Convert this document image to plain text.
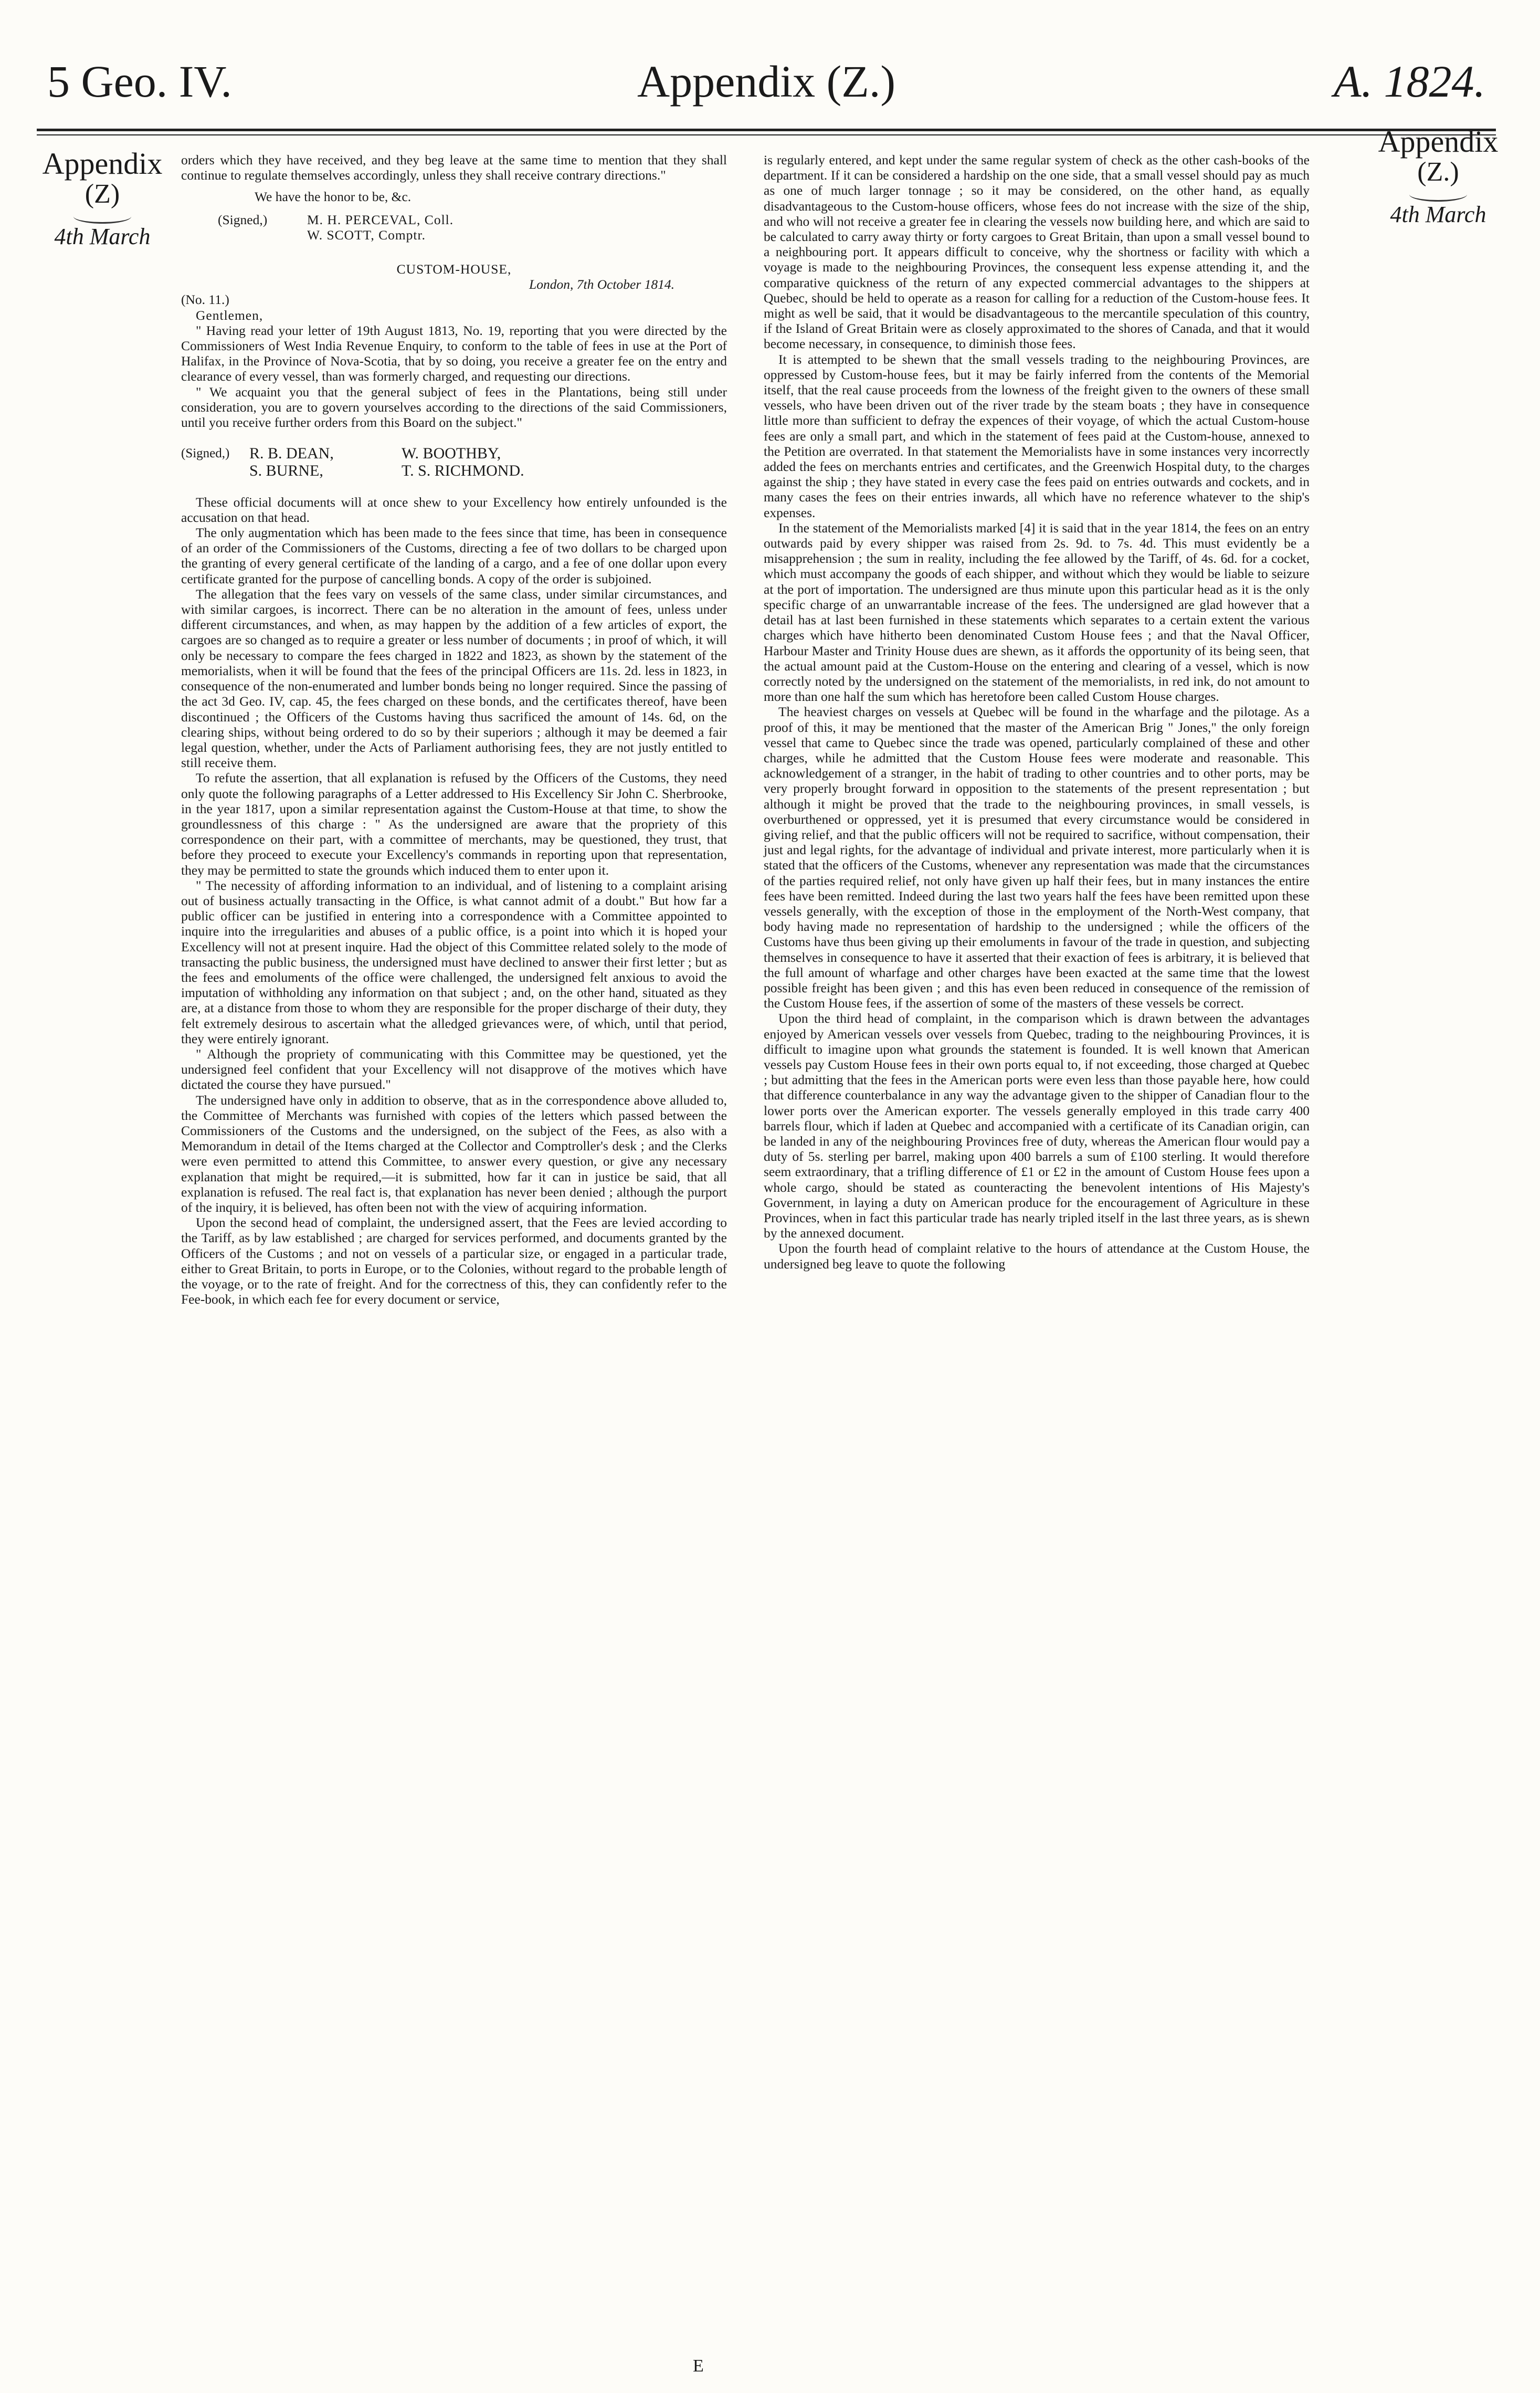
5 Geo. IV.	Appendix (Z.)	A. 1824.
Appendix
(Z)
4th March
Appendix
(Z.)
4th March

orders which they have received, and they beg leave at the same time to mention that they shall continue to regulate themselves accordingly, unless they shall receive contrary directions."

We have the honor to be, &c.

(Signed,)	M. H. PERCEVAL, Coll.
W. SCOTT, Comptr.

CUSTOM-HOUSE,

London, 7th October 1814.

(No. 11.)

Gentlemen,

" Having read your letter of 19th August 1813, No. 19, reporting that you were directed by the Commissioners of West India Revenue Enquiry, to conform to the table of fees in use at the Port of Halifax, in the Province of Nova-Scotia, that by so doing, you receive a greater fee on the entry and clearance of every vessel, than was formerly charged, and requesting our directions.

" We acquaint you that the general subject of fees in the Plantations, being still under consideration, you are to govern yourselves according to the directions of the said Commissioners, until you receive further orders from this Board on the subject."

(Signed,)	R. B. DEAN,	W. BOOTHBY,
S. BURNE,	T. S. RICHMOND.

These official documents will at once shew to your Excellency how entirely unfounded is the accusation on that head.

The only augmentation which has been made to the fees since that time, has been in consequence of an order of the Commissioners of the Customs, directing a fee of two dollars to be charged upon the granting of every general certificate of the landing of a cargo, and a fee of one dollar upon every certificate granted for the purpose of cancelling bonds. A copy of the order is subjoined.

The allegation that the fees vary on vessels of the same class, under similar circumstances, and with similar cargoes, is incorrect. There can be no alteration in the amount of fees, unless under different circumstances, and when, as may happen by the addition of a few articles of export, the cargoes are so changed as to require a greater or less number of documents ; in proof of which, it will only be necessary to compare the fees charged in 1822 and 1823, as shown by the statement of the memorialists, when it will be found that the fees of the principal Officers are 11s. 2d. less in 1823, in consequence of the non-enumerated and lumber bonds being no longer required. Since the passing of the act 3d Geo. IV, cap. 45, the fees charged on these bonds, and the certificates thereof, have been discontinued ; the Officers of the Customs having thus sacrificed the amount of 14s. 6d, on the clearing ships, without being ordered to do so by their superiors ; although it may be deemed a fair legal question, whether, under the Acts of Parliament authorising fees, they are not justly entitled to still receive them.

To refute the assertion, that all explanation is refused by the Officers of the Customs, they need only quote the following paragraphs of a Letter addressed to His Excellency Sir John C. Sherbrooke, in the year 1817, upon a similar representation against the Custom-House at that time, to show the groundlessness of this charge : " As the undersigned are aware that the propriety of this correspondence on their part, with a committee of merchants, may be questioned, they trust, that before they proceed to execute your Excellency's commands in reporting upon that representation, they may be permitted to state the grounds which induced them to enter upon it.

" The necessity of affording information to an individual, and of listening to a complaint arising out of business actually transacting in the Office, is what cannot admit of a doubt." But how far a public officer can be justified in entering into a correspondence with a Committee appointed to inquire into the irregularities and abuses of a public office, is a point into which it is hoped your Excellency will not at present inquire. Had the object of this Committee related solely to the mode of transacting the public business, the undersigned must have declined to answer their first letter ; but as the fees and emoluments of the office were challenged, the undersigned felt anxious to avoid the imputation of withholding any information on that subject ; and, on the other hand, situated as they are, at a distance from those to whom they are responsible for the proper discharge of their duty, they felt extremely desirous to ascertain what the alledged grievances were, of which, until that period, they were entirely ignorant.

" Although the propriety of communicating with this Committee may be questioned, yet the undersigned feel confident that your Excellency will not disapprove of the motives which have dictated the course they have pursued."

The undersigned have only in addition to observe, that as in the correspondence above alluded to, the Committee of Merchants was furnished with copies of the letters which passed between the Commissioners of the Customs and the undersigned, on the subject of the Fees, as also with a Memorandum in detail of the Items charged at the Collector and Comptroller's desk ; and the Clerks were even permitted to attend this Committee, to answer every question, or give any necessary explanation that might be required,—it is submitted, how far it can in justice be said, that all explanation is refused. The real fact is, that explanation has never been denied ; although the purport of the inquiry, it is believed, has often been not with the view of acquiring information.

Upon the second head of complaint, the undersigned assert, that the Fees are levied according to the Tariff, as by law established ; are charged for services performed, and documents granted by the Officers of the Customs ; and not on vessels of a particular size, or engaged in a particular trade, either to Great Britain, to ports in Europe, or to the Colonies, without regard to the probable length of the voyage, or to the rate of freight. And for the correctness of this, they can confidently refer to the Fee-book, in which each fee for every document or service,

is regularly entered, and kept under the same regular system of check as the other cash-books of the department. If it can be considered a hardship on the one side, that a small vessel should pay as much as one of much larger tonnage ; so it may be considered, on the other hand, as equally disadvantageous to the Custom-house officers, whose fees do not increase with the size of the ship, and who will not receive a greater fee in clearing the vessels now building here, and which are said to be calculated to carry away thirty or forty cargoes to Great Britain, than upon a small vessel bound to a neighbouring port. It appears difficult to conceive, why the shortness or facility with which a voyage is made to the neighbouring Provinces, the consequent less expense attending it, and the comparative quickness of the return of any expected commercial advantages to the shippers at Quebec, should be held to operate as a reason for calling for a reduction of the Custom-house fees. It might as well be said, that it would be disadvantageous to the mercantile speculation of this country, if the Island of Great Britain were as closely approximated to the shores of Canada, and that it would become necessary, in consequence, to diminish those fees.

It is attempted to be shewn that the small vessels trading to the neighbouring Provinces, are oppressed by Custom-house fees, but it may be fairly inferred from the contents of the Memorial itself, that the real cause proceeds from the lowness of the freight given to the owners of these small vessels, who have been driven out of the river trade by the steam boats ; they have in consequence little more than sufficient to defray the expences of their voyage, of which the actual Custom-house fees are only a small part, and which in the statement of fees paid at the Custom-house, annexed to the Petition are overrated. In that statement the Memorialists have in some instances very incorrectly added the fees on merchants entries and certificates, and the Greenwich Hospital duty, to the charges against the ship ; they have stated in every case the fees paid on entries outwards and cockets, and in many cases the fees on their entries inwards, all which have no reference whatever to the ship's expenses.

In the statement of the Memorialists marked [4] it is said that in the year 1814, the fees on an entry outwards paid by every shipper was raised from 2s. 9d. to 7s. 4d. This must evidently be a misapprehension ; the sum in reality, including the fee allowed by the Tariff, of 4s. 6d. for a cocket, which must accompany the goods of each shipper, and without which they would be liable to seizure at the port of importation. The undersigned are thus minute upon this particular head as it is the only specific charge of an unwarrantable increase of the fees. The undersigned are glad however that a detail has at last been furnished in these statements which separates to a certain extent the various charges which have hitherto been denominated Custom House fees ; and that the Naval Officer, Harbour Master and Trinity House dues are shewn, as it affords the opportunity of its being seen, that the actual amount paid at the Custom-House on the entering and clearing of a vessel, which is now correctly noted by the undersigned on the statement of the memorialists, in red ink, do not amount to more than one half the sum which has heretofore been called Custom House charges.

The heaviest charges on vessels at Quebec will be found in the wharfage and the pilotage. As a proof of this, it may be mentioned that the master of the American Brig " Jones," the only foreign vessel that came to Quebec since the trade was opened, particularly complained of these and other charges, while he admitted that the Custom House fees were moderate and reasonable. This acknowledgement of a stranger, in the habit of trading to other countries and to other ports, may be very properly brought forward in opposition to the statements of the present representation ; but although it might be proved that the trade to the neighbouring provinces, in small vessels, is overburthened or oppressed, yet it is presumed that every circumstance would be considered in giving relief, and that the public officers will not be required to sacrifice, without compensation, their just and legal rights, for the advantage of individual and private interest, more particularly when it is stated that the officers of the Customs, whenever any representation was made that the circumstances of the parties required relief, not only have given up half their fees, but in many instances the entire fees have been remitted. Indeed during the last two years half the fees have been remitted upon these vessels generally, with the exception of those in the employment of the North-West company, that body having made no representation of hardship to the undersigned ; while the officers of the Customs have thus been giving up their emoluments in favour of the trade in question, and subjecting themselves in consequence to have it asserted that their exaction of fees is arbitrary, it is believed that the full amount of wharfage and other charges have been exacted at the same time that the lowest possible freight has been given ; and this has even been reduced in consequence of the remission of the Custom House fees, if the assertion of some of the masters of these vessels be correct.

Upon the third head of complaint, in the comparison which is drawn between the advantages enjoyed by American vessels over vessels from Quebec, trading to the neighbouring Provinces, it is difficult to imagine upon what grounds the statement is founded. It is well known that American vessels pay Custom House fees in their own ports equal to, if not exceeding, those charged at Quebec ; but admitting that the fees in the American ports were even less than those payable here, how could that difference counterbalance in any way the advantage given to the shipper of Canadian flour to the lower ports over the American exporter. The vessels generally employed in this trade carry 400 barrels flour, which if laden at Quebec and accompanied with a certificate of its Canadian origin, can be landed in any of the neighbouring Provinces free of duty, whereas the American flour would pay a duty of 5s. sterling per barrel, making upon 400 barrels a sum of £100 sterling. It would therefore seem extraordinary, that a trifling difference of £1 or £2 in the amount of Custom House fees upon a whole cargo, should be stated as counteracting the benevolent intentions of His Majesty's Government, in laying a duty on American produce for the encouragement of Agriculture in these Provinces, when in fact this particular trade has nearly tripled itself in the last three years, as is shewn by the annexed document.

Upon the fourth head of complaint relative to the hours of attendance at the Custom House, the undersigned beg leave to quote the following

E
